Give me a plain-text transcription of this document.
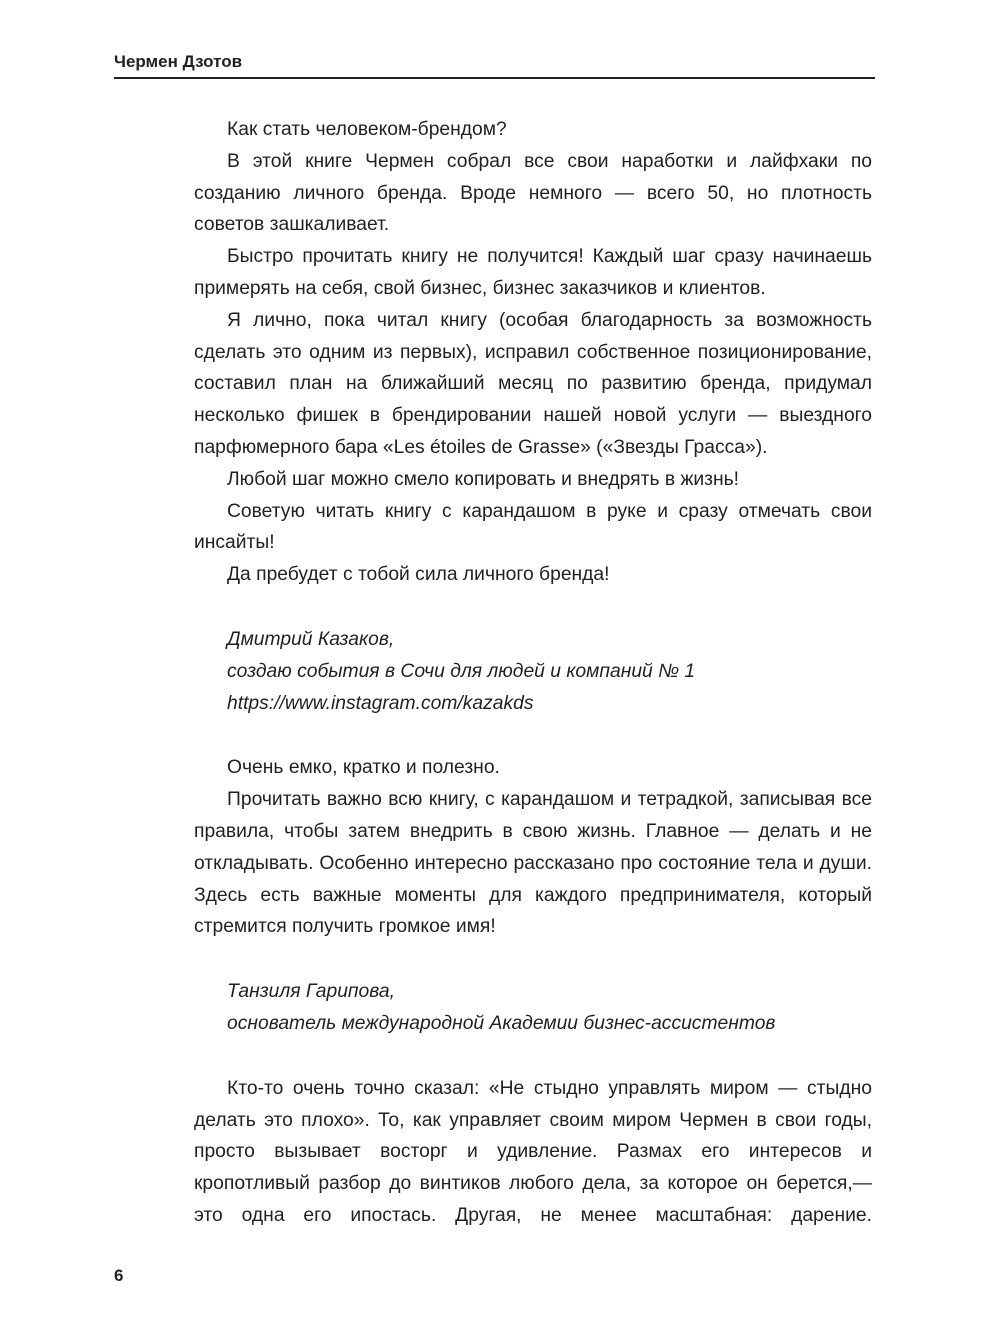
Чермен Дзотов

Как стать человеком-брендом?

В этой книге Чермен собрал все свои наработки и лайфхаки по созданию личного бренда. Вроде немного — всего 50, но плотность советов зашкаливает.

Быстро прочитать книгу не получится! Каждый шаг сразу начинаешь примерять на себя, свой бизнес, бизнес заказчиков и клиентов.

Я лично, пока читал книгу (особая благодарность за возможность сделать это одним из первых), исправил собственное позиционирование, составил план на ближайший месяц по развитию бренда, придумал несколько фишек в брендировании нашей новой услуги — выездного парфюмерного бара «Les étoiles de Grasse» («Звезды Грасса»).

Любой шаг можно смело копировать и внедрять в жизнь!

Советую читать книгу с карандашом в руке и сразу отмечать свои инсайты!

Да пребудет с тобой сила личного бренда!

Дмитрий Казаков,

создаю события в Сочи для людей и компаний № 1

https://www.instagram.com/kazakds

Очень емко, кратко и полезно.

Прочитать важно всю книгу, с карандашом и тетрадкой, записывая все правила, чтобы затем внедрить в свою жизнь. Главное — делать и не откладывать. Особенно интересно рассказано про состояние тела и души. Здесь есть важные моменты для каждого предпринимателя, который стремится получить громкое имя!

Танзиля Гарипова,

основатель международной Академии бизнес-ассистентов

Кто-то очень точно сказал: «Не стыдно управлять миром — стыдно делать это плохо». То, как управляет своим миром Чермен в свои годы, просто вызывает восторг и удивление. Размах его интересов и кропотливый разбор до винтиков любого дела, за которое он берется,— это одна его ипостась. Другая, не менее масштабная: дарение.

6
